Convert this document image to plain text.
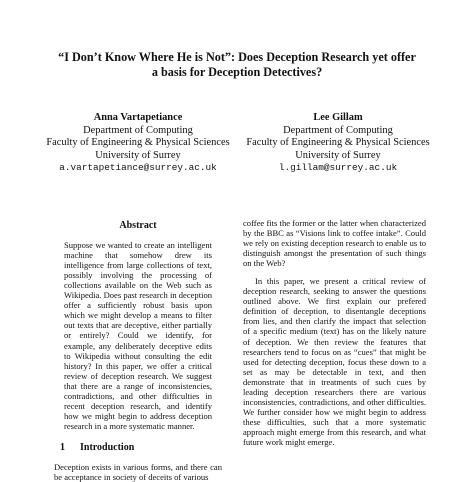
“I Don’t Know Where He is Not”: Does Deception Research yet offer
a basis for Deception Detectives?
Anna Vartapetiance
Department of Computing
Faculty of Engineering & Physical Sciences
University of Surrey
a.vartapetiance@surrey.ac.uk
Lee Gillam
Department of Computing
Faculty of Engineering & Physical Sciences
University of Surrey
l.gillam@surrey.ac.uk
Abstract

Suppose we wanted to create an intelligent machine that somehow drew its intelligence from large collections of text, possibly involving the processing of collections available on the Web such as Wikipedia. Does past research in deception offer a sufficiently robust basis upon which we might develop a means to filter out texts that are deceptive, either partially or entirely? Could we identify, for example, any deliberately deceptive edits to Wikipedia without consulting the edit history? In this paper, we offer a critical review of deception research. We suggest that there are a range of inconsistencies, contradictions, and other difficulties in recent deception research, and identify how we might begin to address deception research in a more systematic manner.

1 Introduction

Deception exists in various forms, and there can be acceptance in society of deceits of various

coffee fits the former or the latter when characterized by the BBC as “Visions link to coffee intake”. Could we rely on existing deception research to enable us to distinguish amongst the presentation of such things on the Web?

In this paper, we present a critical review of deception research, seeking to answer the questions outlined above. We first explain our prefered definition of deception, to disentangle deceptions from lies, and then clarify the impact that selection of a specific medium (text) has on the likely nature of deception. We then review the features that researchers tend to focus on as “cues” that might be used for detecting deception, focus these down to a set as may be detectable in text, and then demonstrate that in treatments of such cues by leading deception researchers there are various inconsistencies, contradictions, and other difficulties. We further consider how we might begin to address these difficulties, such that a more systematic approach might emerge from this research, and what future work might emerge.
